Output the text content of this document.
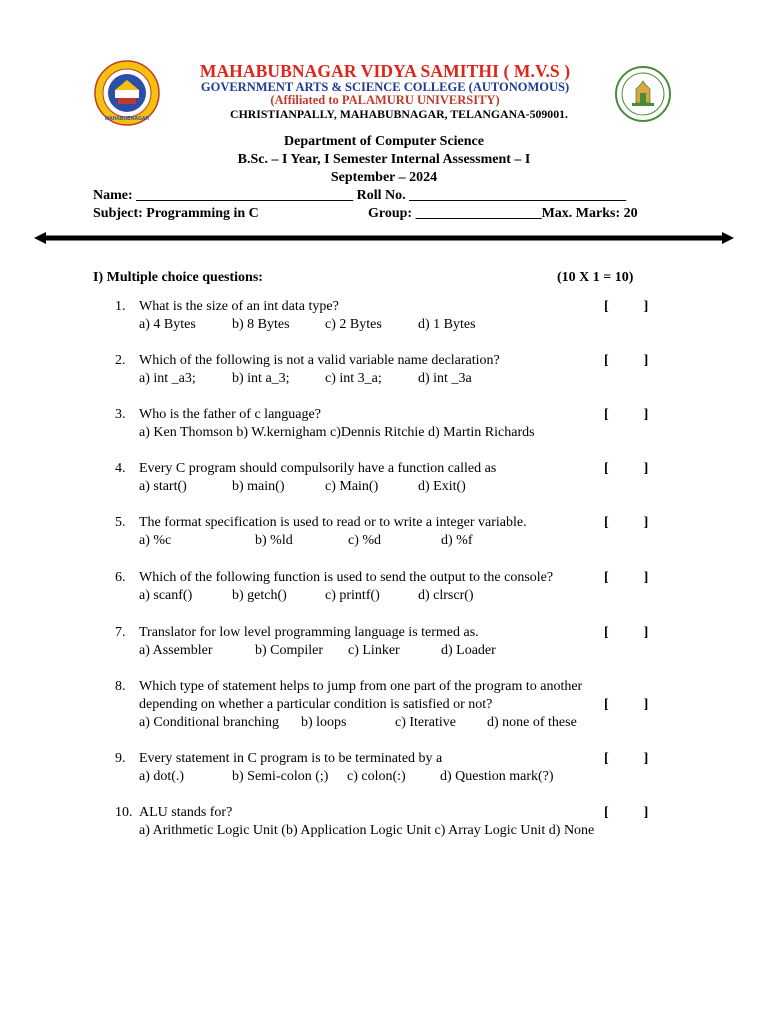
MAHABUBNAGAR
MAHABUBNAGAR VIDYA SAMITHI ( M.V.S )
GOVERNMENT ARTS & SCIENCE COLLEGE (AUTONOMOUS)
(Affiliated to PALAMURU UNIVERSITY)
CHRISTIANPALLY, MAHABUBNAGAR, TELANGANA-509001.
Department of Computer Science
B.Sc. – I Year, I Semester Internal Assessment – I
September – 2024
Name: _______________________________ Roll No. _______________________________
Subject: Programming in C	Group: __________________Max. Marks: 20
I) Multiple choice questions:	(10 X 1 = 10)
1. What is the size of an int data type?	[          ]
a) 4 Bytes	b) 8 Bytes	c) 2 Bytes	d) 1 Bytes
2. Which of the following is not a valid variable name declaration?	[          ]
a) int _a3;	b) int a_3;	c) int 3_a;	d) int _3a
3. Who is the father of c language?	[          ]
a) Ken Thomson b) W.kernigham c)Dennis Ritchie d) Martin Richards
4. Every C program should compulsorily have a function called as	[          ]
a) start()	b) main()	c) Main()	d) Exit()
5. The format specification is used to read or to write a integer variable.	[          ]
a) %c	b) %ld	c) %d	d) %f
6. Which of the following function is used to send the output to the console?	[          ]
a) scanf()	b) getch()	c) printf()	d) clrscr()
7. Translator for low level programming language is termed as.	[          ]
a) Assembler	b) Compiler c) Linker	d) Loader
8. Which type of statement helps to jump from one part of the program to another
depending on whether a particular condition is satisfied or not?	[          ]
a) Conditional branching b) loops	c) Iterative d) none of these
9. Every statement in C program is to be terminated by a	[          ]
a) dot(.)	b) Semi-colon (;) c) colon(:) d) Question mark(?)
10. ALU stands for?	[          ]
a) Arithmetic Logic Unit (b) Application Logic Unit c) Array Logic Unit d) None
